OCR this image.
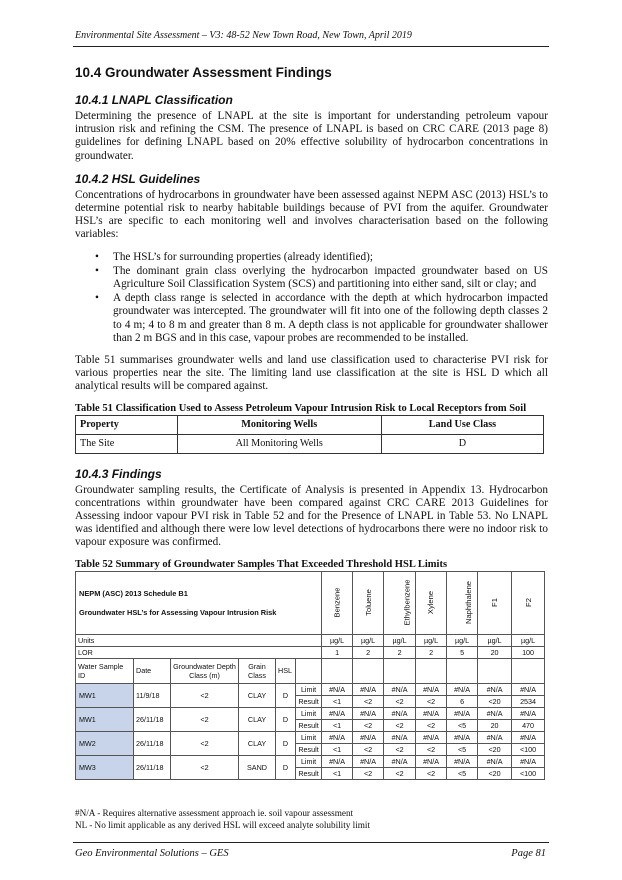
Environmental Site Assessment – V3: 48-52 New Town Road, New Town, April 2019
10.4 Groundwater Assessment Findings
10.4.1 LNAPL Classification

Determining the presence of LNAPL at the site is important for understanding petroleum vapour intrusion risk and refining the CSM. The presence of LNAPL is based on CRC CARE (2013 page 8) guidelines for defining LNAPL based on 20% effective solubility of hydrocarbon concentrations in groundwater.

10.4.2 HSL Guidelines

Concentrations of hydrocarbons in groundwater have been assessed against NEPM ASC (2013) HSL’s to determine potential risk to nearby habitable buildings because of PVI from the aquifer. Groundwater HSL’s are specific to each monitoring well and involves characterisation based on the following variables:

• The HSL’s for surrounding properties (already identified);
• The dominant grain class overlying the hydrocarbon impacted groundwater based on US Agriculture Soil Classification System (SCS) and partitioning into either sand, silt or clay; and
• A depth class range is selected in accordance with the depth at which hydrocarbon impacted groundwater was intercepted. The groundwater will fit into one of the following depth classes 2 to 4 m; 4 to 8 m and greater than 8 m. A depth class is not applicable for groundwater shallower than 2 m BGS and in this case, vapour probes are recommended to be installed.

Table 51 summarises groundwater wells and land use classification used to characterise PVI risk for various properties near the site. The limiting land use classification at the site is HSL D which all analytical results will be compared against.

Table 51 Classification Used to Assess Petroleum Vapour Intrusion Risk to Local Receptors from Soil
Property	Monitoring Wells	Land Use Class
The Site	All Monitoring Wells	D
10.4.3 Findings

Groundwater sampling results, the Certificate of Analysis is presented in Appendix 13. Hydrocarbon concentrations within groundwater have been compared against CRC CARE 2013 Guidelines for Assessing indoor vapour PVI risk in Table 52 and for the Presence of LNAPL in Table 53. No LNAPL was identified and although there were low level detections of hydrocarbons there were no indoor risk to vapour exposure was confirmed.

Table 52 Summary of Groundwater Samples That Exceeded Threshold HSL Limits
NEPM (ASC) 2013 Schedule B1
Groundwater HSL’s for Assessing Vapour Intrusion Risk						Benzene	Toluene	Ethylbenzene	Xylene	Naphthalene	F1	F2
Units						µg/L	µg/L	µg/L	µg/L	µg/L	µg/L	µg/L
LOR						1	2	2	2	5	20	100
Water Sample ID	Date	Groundwater Depth Class (m)	Grain Class	HSL								
MW1	11/9/18	<2	CLAY	D	Limit	#N/A	#N/A	#N/A	#N/A	#N/A	#N/A	#N/A
					Result	<1	<2	<2	<2	6	<20	2534
MW1	26/11/18	<2	CLAY	D	Limit	#N/A	#N/A	#N/A	#N/A	#N/A	#N/A	#N/A
					Result	<1	<2	<2	<2	<5	20	470
MW2	26/11/18	<2	CLAY	D	Limit	#N/A	#N/A	#N/A	#N/A	#N/A	#N/A	#N/A
					Result	<1	<2	<2	<2	<5	<20	<100
MW3	26/11/18	<2	SAND	D	Limit	#N/A	#N/A	#N/A	#N/A	#N/A	#N/A	#N/A
					Result	<1	<2	<2	<2	<5	<20	<100
#N/A - Requires alternative assessment approach ie. soil vapour assessment
NL - No limit applicable as any derived HSL will exceed analyte solubility limit
Geo Environmental Solutions – GES	Page 81
